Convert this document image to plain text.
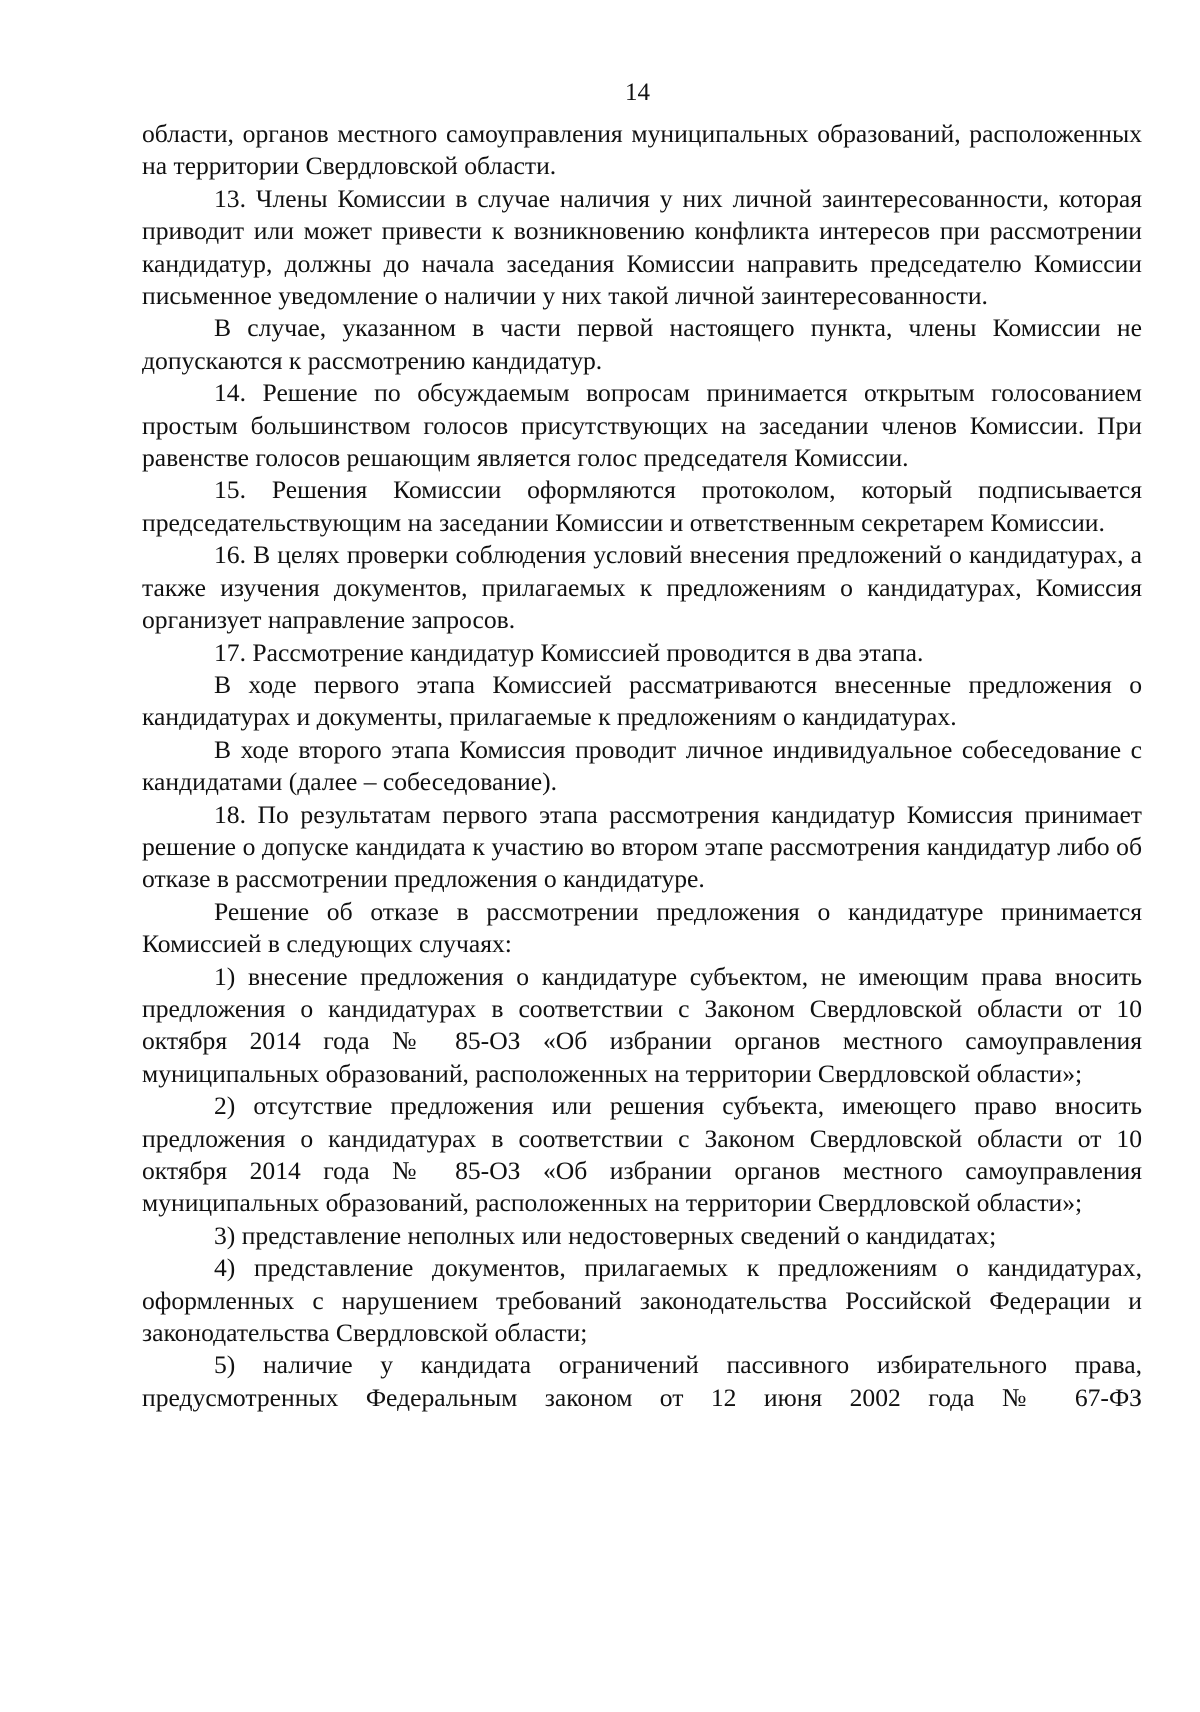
14

области, органов местного самоуправления муниципальных образований, расположенных на территории Свердловской области.

13. Члены Комиссии в случае наличия у них личной заинтересованности, которая приводит или может привести к возникновению конфликта интересов при рассмотрении кандидатур, должны до начала заседания Комиссии направить председателю Комиссии письменное уведомление о наличии у них такой личной заинтересованности.

В случае, указанном в части первой настоящего пункта, члены Комиссии не допускаются к рассмотрению кандидатур.

14. Решение по обсуждаемым вопросам принимается открытым голосованием простым большинством голосов присутствующих на заседании членов Комиссии. При равенстве голосов решающим является голос председателя Комиссии.

15. Решения Комиссии оформляются протоколом, который подписывается председательствующим на заседании Комиссии и ответственным секретарем Комиссии.

16. В целях проверки соблюдения условий внесения предложений о кандидатурах, а также изучения документов, прилагаемых к предложениям о кандидатурах, Комиссия организует направление запросов.

17. Рассмотрение кандидатур Комиссией проводится в два этапа.

В ходе первого этапа Комиссией рассматриваются внесенные предложения о кандидатурах и документы, прилагаемые к предложениям о кандидатурах.

В ходе второго этапа Комиссия проводит личное индивидуальное собеседование с кандидатами (далее – собеседование).

18. По результатам первого этапа рассмотрения кандидатур Комиссия принимает решение о допуске кандидата к участию во втором этапе рассмотрения кандидатур либо об отказе в рассмотрении предложения о кандидатуре.

Решение об отказе в рассмотрении предложения о кандидатуре принимается Комиссией в следующих случаях:

1) внесение предложения о кандидатуре субъектом, не имеющим права вносить предложения о кандидатурах в соответствии с Законом Свердловской области от 10 октября 2014 года № 85-ОЗ «Об избрании органов местного самоуправления муниципальных образований, расположенных на территории Свердловской области»;

2) отсутствие предложения или решения субъекта, имеющего право вносить предложения о кандидатурах в соответствии с Законом Свердловской области от 10 октября 2014 года № 85-ОЗ «Об избрании органов местного самоуправления муниципальных образований, расположенных на территории Свердловской области»;

3) представление неполных или недостоверных сведений о кандидатах;

4) представление документов, прилагаемых к предложениям о кандидатурах, оформленных с нарушением требований законодательства Российской Федерации и законодательства Свердловской области;

5) наличие у кандидата ограничений пассивного избирательного права, предусмотренных Федеральным законом от 12 июня 2002 года № 67-ФЗ
